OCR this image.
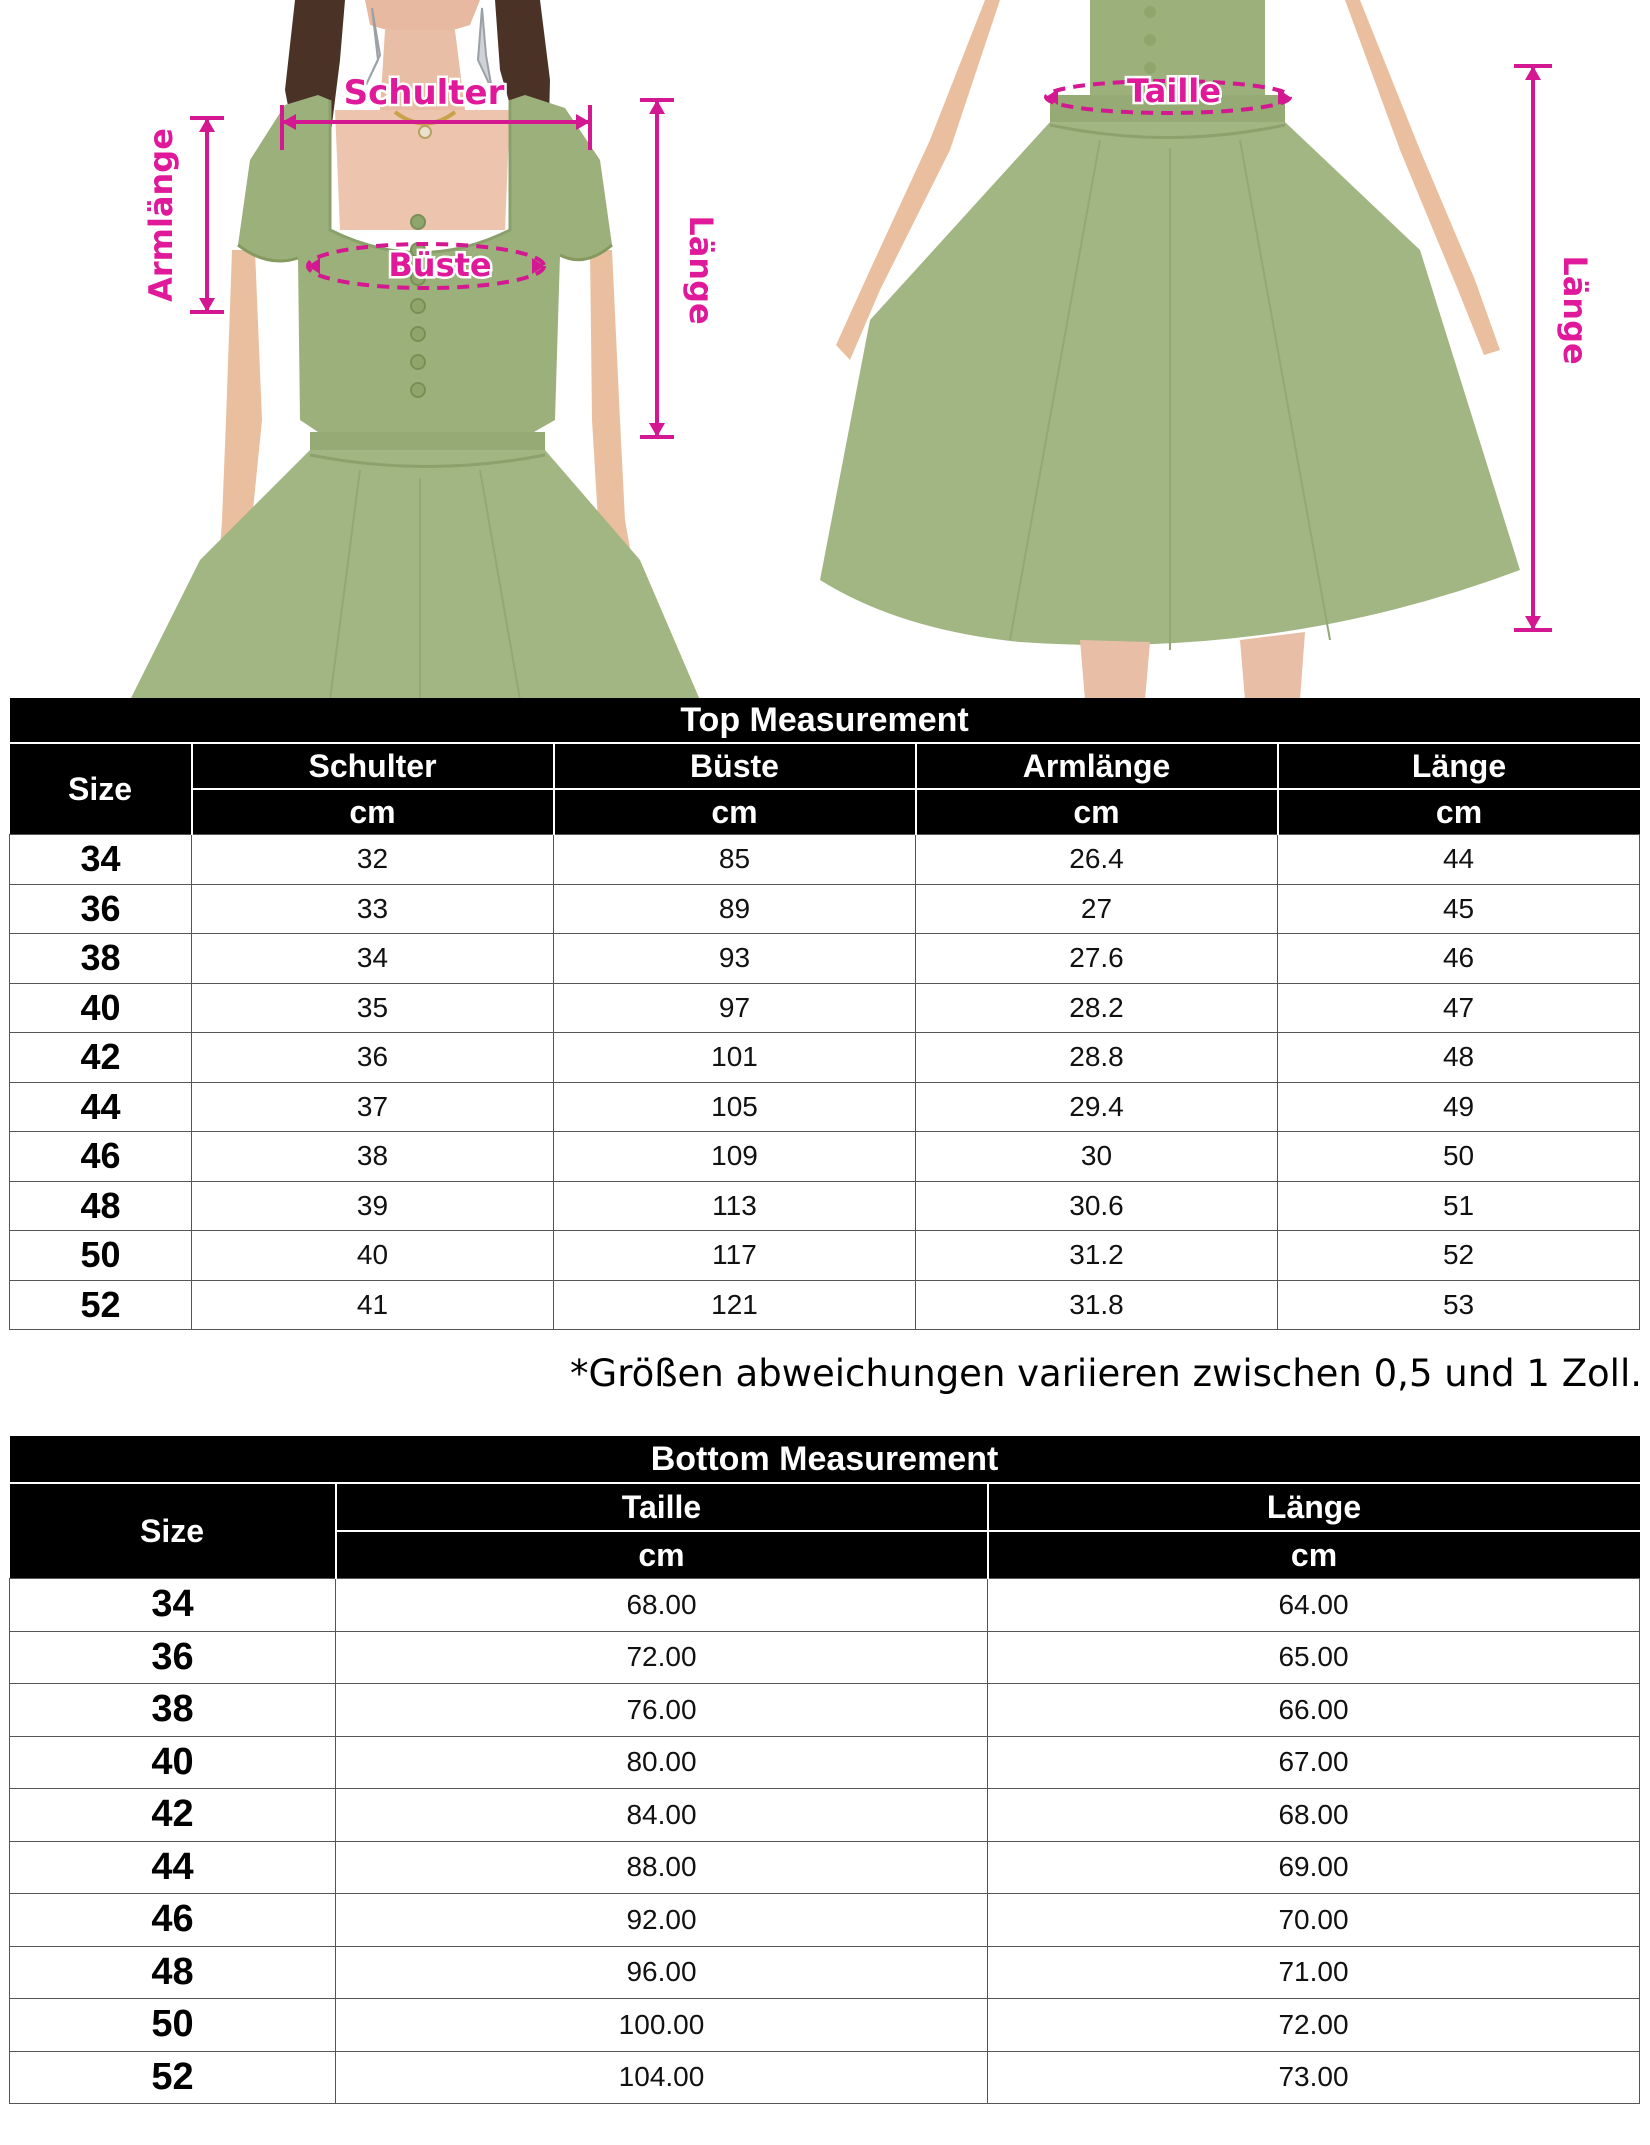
Schulter
Büste
Armlänge	Länge
Taille
Länge
Top Measurement				
Size	Schulter	Büste	Armlänge	Länge
	cm	cm	cm	cm
34	32	85	26.4	44
36	33	89	27	45
38	34	93	27.6	46
40	35	97	28.2	47
42	36	101	28.8	48
44	37	105	29.4	49
46	38	109	30	50
48	39	113	30.6	51
50	40	117	31.2	52
52	41	121	31.8	53
*Größen abweichungen variieren zwischen 0,5 und 1 Zoll.
Bottom Measurement		
Size	Taille	Länge
	cm	cm
34	68.00	64.00
36	72.00	65.00
38	76.00	66.00
40	80.00	67.00
42	84.00	68.00
44	88.00	69.00
46	92.00	70.00
48	96.00	71.00
50	100.00	72.00
52	104.00	73.00
